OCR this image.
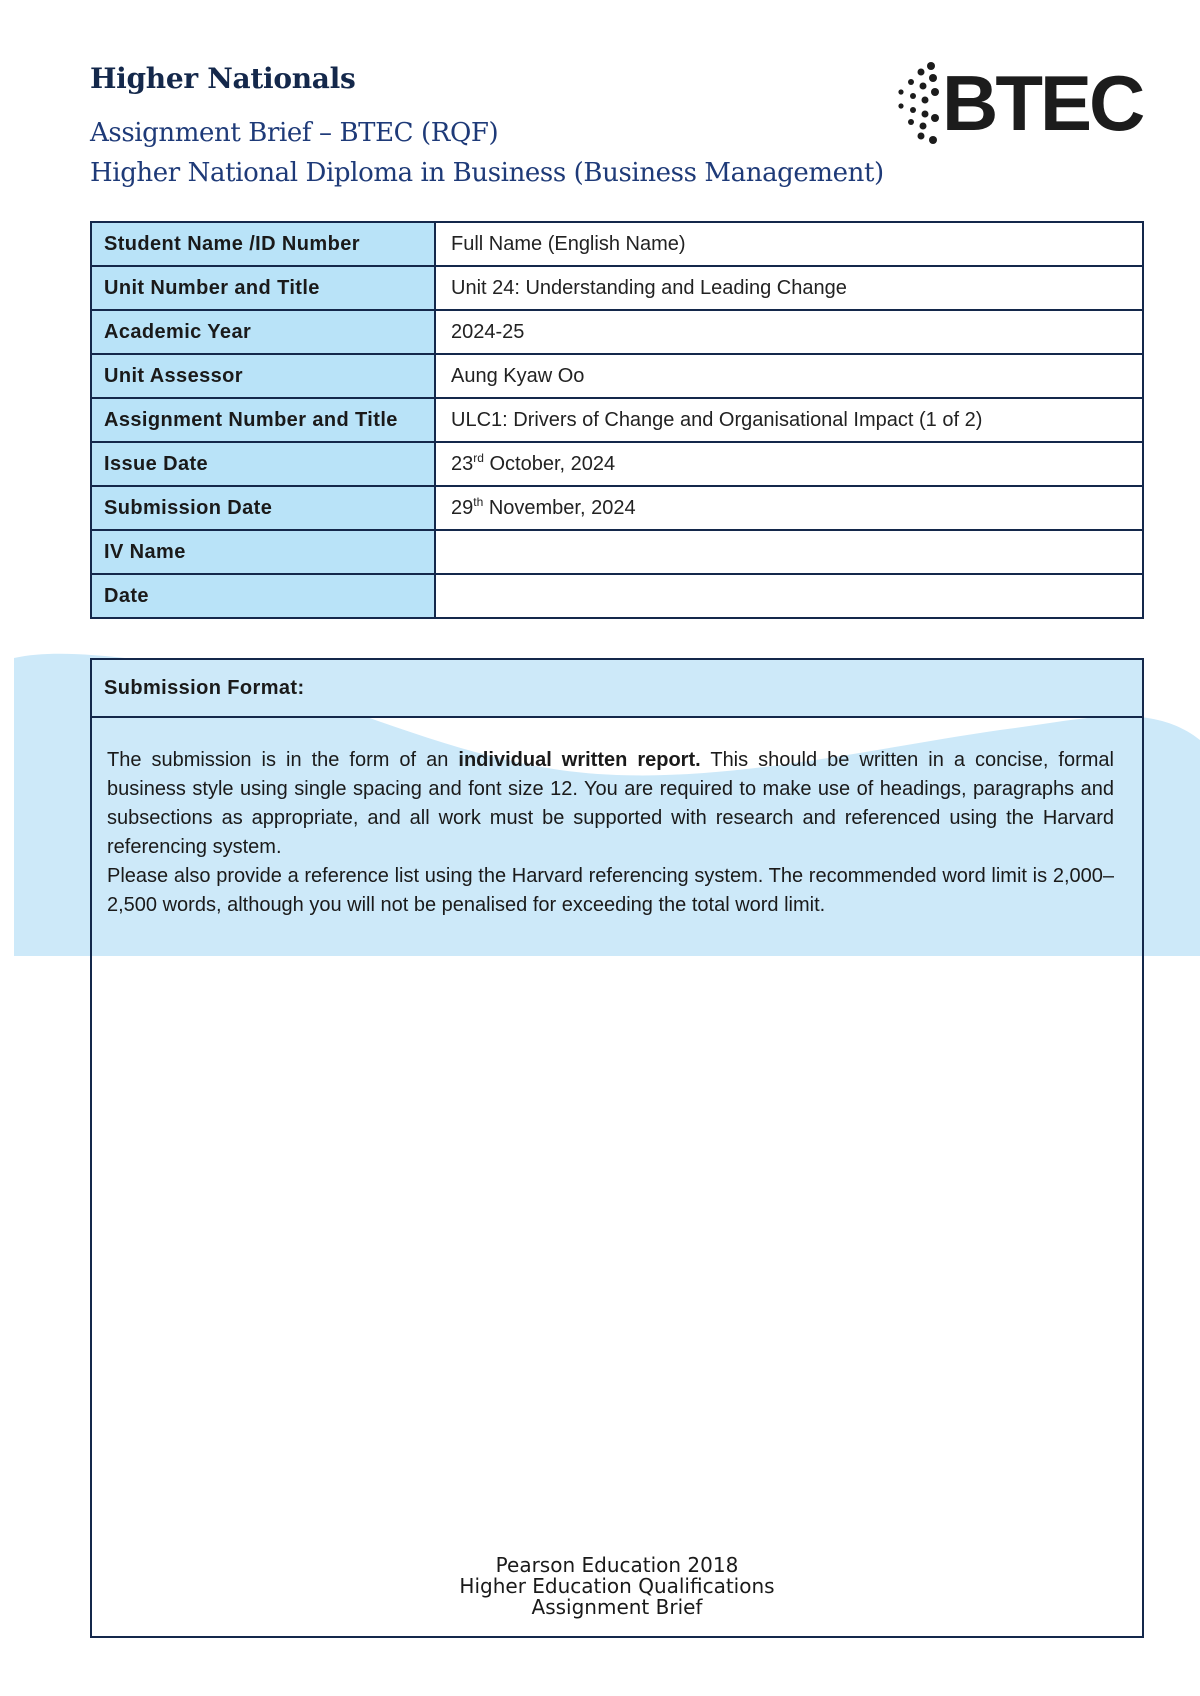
Higher Nationals
Assignment Brief – BTEC (RQF)
Higher National Diploma in Business (Business Management)
BTEC
Student Name /ID Number	Full Name (English Name)
Unit Number and Title	Unit 24: Understanding and Leading Change
Academic Year	2024-25
Unit Assessor	Aung Kyaw Oo
Assignment Number and Title	ULC1: Drivers of Change and Organisational Impact (1 of 2)
Issue Date	23rd October, 2024
Submission Date	29th November, 2024
IV Name	
Date	
Submission Format:

The submission is in the form of an individual written report. This should be written in a concise, formal business style using single spacing and font size 12. You are required to make use of headings, paragraphs and subsections as appropriate, and all work must be supported with research and referenced using the Harvard referencing system.

Please also provide a reference list using the Harvard referencing system. The recommended word limit is 2,000–2,500 words, although you will not be penalised for exceeding the total word limit.

Pearson Education 2018
Higher Education Qualifications
Assignment Brief
